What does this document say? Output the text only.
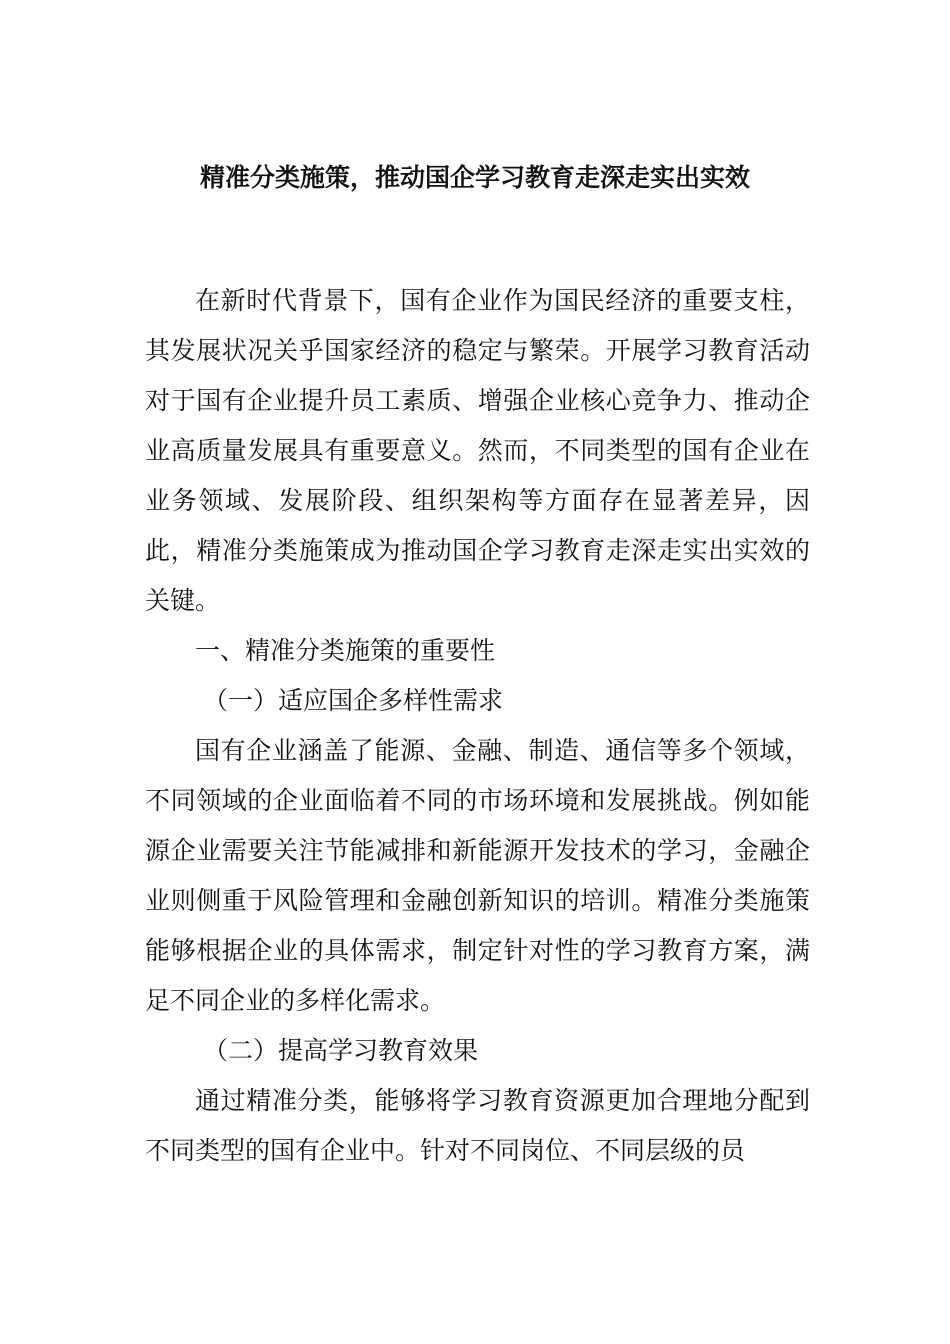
精准分类施策，推动国企学习教育走深走实出实效

在新时代背景下，国有企业作为国民经济的重要支柱，其发展状况关乎国家经济的稳定与繁荣。开展学习教育活动对于国有企业提升员工素质、增强企业核心竞争力、推动企业高质量发展具有重要意义。然而，不同类型的国有企业在业务领域、发展阶段、组织架构等方面存在显著差异，因此，精准分类施策成为推动国企学习教育走深走实出实效的关键。

一、精准分类施策的重要性

（一）适应国企多样性需求

国有企业涵盖了能源、金融、制造、通信等多个领域，不同领域的企业面临着不同的市场环境和发展挑战。例如能源企业需要关注节能减排和新能源开发技术的学习，金融企业则侧重于风险管理和金融创新知识的培训。精准分类施策能够根据企业的具体需求，制定针对性的学习教育方案，满足不同企业的多样化需求。

（二）提高学习教育效果

通过精准分类，能够将学习教育资源更加合理地分配到不同类型的国有企业中。针对不同岗位、不同层级的员
